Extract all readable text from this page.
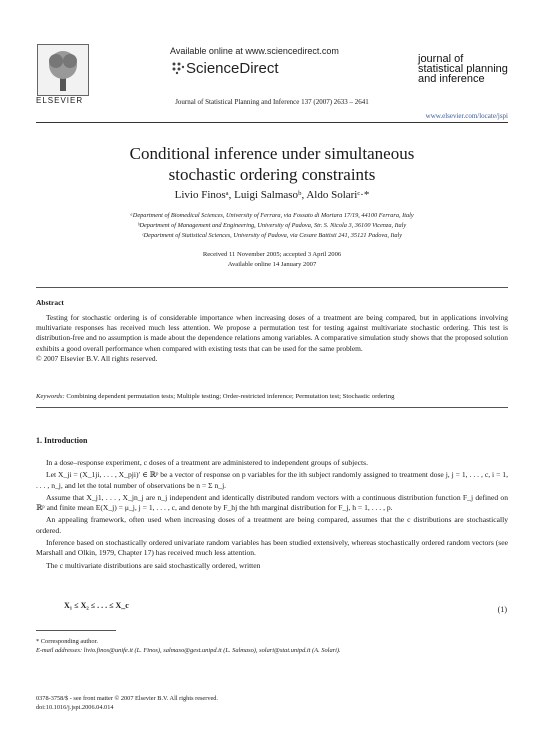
ELSEVIER
Available online at www.sciencedirect.com
ScienceDirect
journal of
statistical planning
and inference
Journal of Statistical Planning and Inference 137 (2007) 2633 – 2641
www.elsevier.com/locate/jspi
Conditional inference under simultaneous stochastic ordering constraints
Livio Finosᵃ, Luigi Salmasoᵇ, Aldo Solariᶜ·*
ᵃDepartment of Biomedical Sciences, University of Ferrara, via Fossato di Mortara 17/19, 44100 Ferrara, Italy
ᵇDepartment of Management and Engineering, University of Padova, Str. S. Nicola 3, 36100 Vicenza, Italy
ᶜDepartment of Statistical Sciences, University of Padova, via Cesare Battisti 241, 35121 Padova, Italy
Received 11 November 2005; accepted 3 April 2006
Available online 14 January 2007
Abstract
Testing for stochastic ordering is of considerable importance when increasing doses of a treatment are being compared, but in applications involving multivariate responses has received much less attention. We propose a permutation test for testing against multivariate stochastic ordering. This test is distribution-free and no assumption is made about the dependence relations among variables. A comparative simulation study shows that the proposed solution exhibits a good overall performance when compared with existing tests that can be used for the same problem.
© 2007 Elsevier B.V. All rights reserved.
Keywords: Combining dependent permutation tests; Multiple testing; Order-restricted inference; Permutation test; Stochastic ordering
1. Introduction

In a dose–response experiment, c doses of a treatment are administered to independent groups of subjects.

Let X_ji = (X_1ji, . . . , X_pji)′ ∈ ℝᵖ be a vector of response on p variables for the ith subject randomly assigned to treatment dose j, j = 1, . . . , c, i = 1, . . . , n_j, and let the total number of observations be n = Σ n_j.

Assume that X_j1, . . . , X_jn_j are n_j independent and identically distributed random vectors with a continuous distribution function F_j defined on ℝᵖ and finite mean E(X_j) = μ_j, j = 1, . . . , c, and denote by F_hj the hth marginal distribution for F_j, h = 1, . . . , p.

An appealing framework, often used when increasing doses of a treatment are being compared, assumes that the c distributions are stochastically ordered.

Inference based on stochastically ordered univariate random variables has been studied extensively, whereas stochastically ordered random vectors (see Marshall and Olkin, 1979, Chapter 17) has received much less attention.

The c multivariate distributions are said stochastically ordered, written

X₁ ≤ X₂ ≤ . . . ≤ X_c	(1)
* Corresponding author.
E-mail addresses: livio.finos@unife.it (L. Finos), salmaso@gest.unipd.it (L. Salmaso), solari@stat.unipd.it (A. Solari).
0378-3758/$ - see front matter © 2007 Elsevier B.V. All rights reserved.
doi:10.1016/j.jspi.2006.04.014
